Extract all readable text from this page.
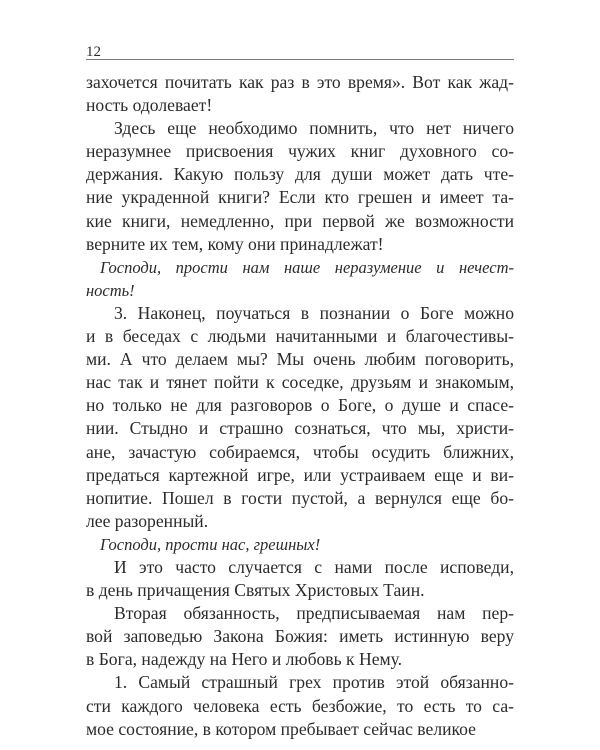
12
захочется почитать как раз в это время». Вот как жад-
ность одолевает!
Здесь еще необходимо помнить, что нет ничего
неразумнее присвоения чужих книг духовного со-
держания. Какую пользу для души может дать чте-
ние украденной книги? Если кто грешен и имеет та-
кие книги, немедленно, при первой же возможности
верните их тем, кому они принадлежат!
Господи, прости нам наше неразумение и нечест-
ность!
3. Наконец, поучаться в познании о Боге можно
и в беседах с людьми начитанными и благочестивы-
ми. А что делаем мы? Мы очень любим поговорить,
нас так и тянет пойти к соседке, друзьям и знакомым,
но только не для разговоров о Боге, о душе и спасе-
нии. Стыдно и страшно сознаться, что мы, христи-
ане, зачастую собираемся, чтобы осудить ближних,
предаться картежной игре, или устраиваем еще и ви-
нопитие. Пошел в гости пустой, а вернулся еще бо-
лее разоренный.
Господи, прости нас, грешных!
И это часто случается с нами после исповеди,
в день причащения Святых Христовых Таин.
Вторая обязанность, предписываемая нам пер-
вой заповедью Закона Божия: иметь истинную веру
в Бога, надежду на Него и любовь к Нему.
1. Самый страшный грех против этой обязанно-
сти каждого человека есть безбожие, то есть то са-
мое состояние, в котором пребывает сейчас великое
